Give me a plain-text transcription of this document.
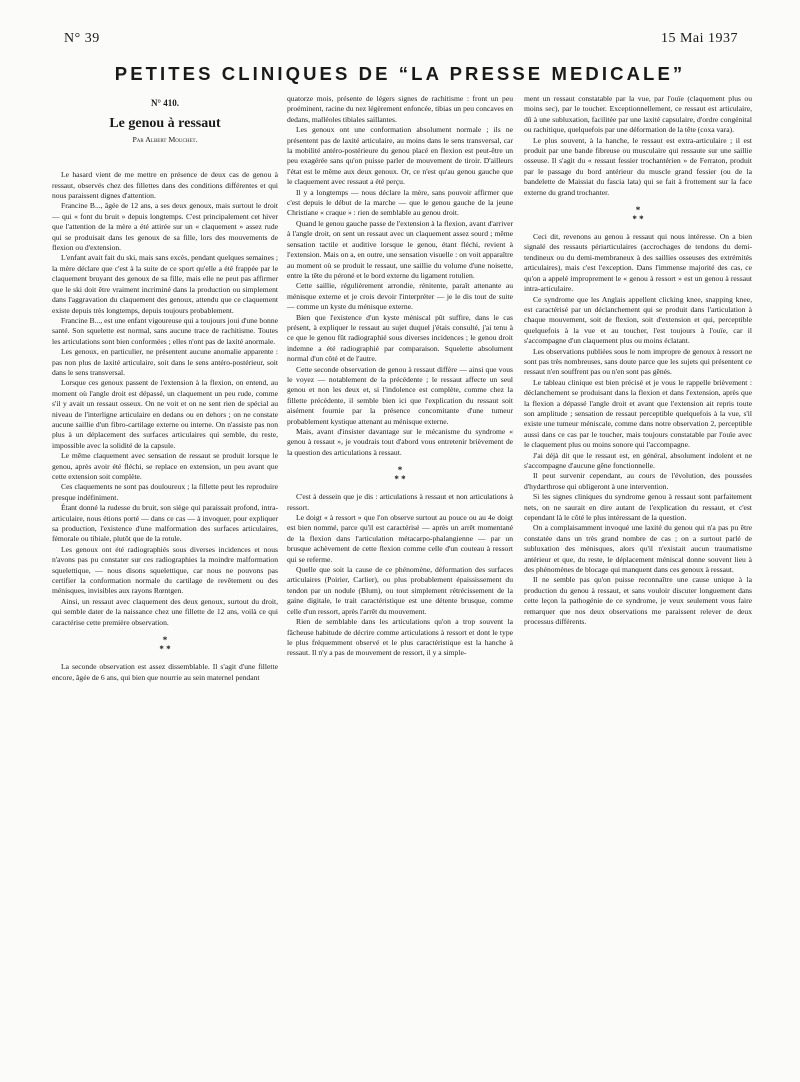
N° 39	15 Mai 1937
PETITES CLINIQUES DE “LA PRESSE MEDICALE”
N° 410.
Le genou à ressaut
Par Albert Mouchet.

Le hasard vient de me mettre en présence de deux cas de genou à ressaut, observés chez des fillettes dans des conditions différentes et qui nous paraissent dignes d'attention.

Francine B..., âgée de 12 ans, a ses deux genoux, mais surtout le droit — qui « font du bruit » depuis longtemps. C'est principalement cet hiver que l'attention de la mère a été attirée sur un « claquement » assez rude qui se produisait dans les genoux de sa fille, lors des mouvements de flexion ou d'extension.

L'enfant avait fait du ski, mais sans excès, pendant quelques semaines ; la mère déclare que c'est à la suite de ce sport qu'elle a été frappée par le claquement bruyant des genoux de sa fille, mais elle ne peut pas affirmer que le ski doit être vraiment incriminé dans la production ou simplement dans l'aggravation du claquement des genoux, attendu que ce claquement existe depuis très longtemps, depuis toujours probablement.

Francine B..., est une enfant vigoureuse qui a toujours joui d'une bonne santé. Son squelette est normal, sans aucune trace de rachitisme. Toutes les articulations sont bien conformées ; elles n'ont pas de laxité anormale.

Les genoux, en particulier, ne présentent aucune anomalie apparente : pas non plus de laxité articulaire, soit dans le sens antéro-postérieur, soit dans le sens transversal.

Lorsque ces genoux passent de l'extension à la flexion, on entend, au moment où l'angle droit est dépassé, un claquement un peu rude, comme s'il y avait un ressaut osseux. On ne voit et on ne sent rien de spécial au niveau de l'interligne articulaire en dedans ou en dehors ; on ne constate aucune saillie d'un fibro-cartilage externe ou interne. On n'assiste pas non plus à un déplacement des surfaces articulaires qui semble, du reste, impossible avec la solidité de la capsule.

Le même claquement avec sensation de ressaut se produit lorsque le genou, après avoir été fléchi, se replace en extension, un peu avant que cette extension soit complète.

Ces claquements ne sont pas douloureux ; la fillette peut les reproduire presque indéfiniment.

Étant donné la rudesse du bruit, son siège qui paraissait profond, intra-articulaire, nous étions porté — dans ce cas — à invoquer, pour expliquer sa production, l'existence d'une malformation des surfaces articulaires, fémorale ou tibiale, plutôt que de la rotule.

Les genoux ont été radiographiés sous diverses incidences et nous n'avons pas pu constater sur ces radiographies la moindre malformation squelettique, — nous disons squelettique, car nous ne pouvons pas certifier la conformation normale du cartilage de revêtement ou des ménisques, invisibles aux rayons Rœntgen.

Ainsi, un ressaut avec claquement des deux genoux, surtout du droit, qui semble dater de la naissance chez une fillette de 12 ans, voilà ce qui caractérise cette première observation.

*
* *

La seconde observation est assez dissemblable. Il s'agit d'une fillette encore, âgée de 6 ans, qui bien que nourrie au sein maternel pendant

quatorze mois, présente de légers signes de rachitisme : front un peu proéminent, racine du nez légèrement enfoncée, tibias un peu concaves en dedans, malléoles tibiales saillantes.

Les genoux ont une conformation absolument normale ; ils ne présentent pas de laxité articulaire, au moins dans le sens transversal, car la mobilité antéro-postérieure du genou placé en flexion est peut-être un peu exagérée sans qu'on puisse parler de mouvement de tiroir. D'ailleurs l'état est le même aux deux genoux. Or, ce n'est qu'au genou gauche que le claquement avec ressaut a été perçu.

Il y a longtemps — nous déclare la mère, sans pouvoir affirmer que c'est depuis le début de la marche — que le genou gauche de la jeune Christiane « craque » : rien de semblable au genou droit.

Quand le genou gauche passe de l'extension à la flexion, avant d'arriver à l'angle droit, on sent un ressaut avec un claquement assez sourd ; même sensation tactile et auditive lorsque le genou, étant fléchi, revient à l'extension. Mais on a, en outre, une sensation visuelle : on voit apparaître au moment où se produit le ressaut, une saillie du volume d'une noisette, entre la tête du péroné et le bord externe du ligament rotulien.

Cette saillie, régulièrement arrondie, rénitente, paraît attenante au ménisque externe et je crois devoir l'interpréter — je le dis tout de suite — comme un kyste du ménisque externe.

Bien que l'existence d'un kyste méniscal pût suffire, dans le cas présent, à expliquer le ressaut au sujet duquel j'étais consulté, j'ai tenu à ce que le genou fût radiographié sous diverses incidences ; le genou droit indemne a été radiographié par comparaison. Squelette absolument normal d'un côté et de l'autre.

Cette seconde observation de genou à ressaut diffère — ainsi que vous le voyez — notablement de la précédente ; le ressaut affecte un seul genou et non les deux et, si l'indolence est complète, comme chez la fillette précédente, il semble bien ici que l'explication du ressaut soit aisément fournie par la présence concomitante d'une tumeur probablement kystique attenant au ménisque externe.

Mais, avant d'insister davantage sur le mécanisme du syndrome « genou à ressaut », je voudrais tout d'abord vous entretenir brièvement de la question des articulations à ressaut.

*
* *

C'est à dessein que je dis : articulations à ressaut et non articulations à ressort.

Le doigt « à ressort » que l'on observe surtout au pouce ou au 4e doigt est bien nommé, parce qu'il est caractérisé — après un arrêt momentané de la flexion dans l'articulation métacarpo-phalangienne — par un brusque achèvement de cette flexion comme celle d'un couteau à ressort qui se referme.

Quelle que soit la cause de ce phénomène, déformation des surfaces articulaires (Poirier, Carlier), ou plus probablement épaississement du tendon par un nodule (Blum), ou tout simplement rétrécissement de la gaine digitale, le trait caractéristique est une détente brusque, comme celle d'un ressort, après l'arrêt du mouvement.

Rien de semblable dans les articulations qu'on a trop souvent la fâcheuse habitude de décrire comme articulations à ressort et dont le type le plus fréquemment observé et le plus caractéristique est la hanche à ressaut. Il n'y a pas de mouvement de ressort, il y a simple-

ment un ressaut constatable par la vue, par l'ouïe (claquement plus ou moins sec), par le toucher. Exceptionnellement, ce ressaut est articulaire, dû à une subluxation, facilitée par une laxité capsulaire, d'ordre congénital ou rachitique, quelquefois par une déformation de la tête (coxa vara).

Le plus souvent, à la hanche, le ressaut est extra-articulaire ; il est produit par une bande fibreuse ou musculaire qui ressaute sur une saillie osseuse. Il s'agit du « ressaut fessier trochantérien » de Ferraton, produit par le passage du bord antérieur du muscle grand fessier (ou de la bandelette de Maissiat du fascia lata) qui se fait à frottement sur la face externe du grand trochanter.

*
* *

Ceci dit, revenons au genou à ressaut qui nous intéresse. On a bien signalé des ressauts périarticulaires (accrochages de tendons du demi-tendineux ou du demi-membraneux à des saillies osseuses des extrémités articulaires), mais c'est l'exception. Dans l'immense majorité des cas, ce qu'on a appelé improprement le « genou à ressort » est un genou à ressaut intra-articulaire.

Ce syndrome que les Anglais appellent clicking knee, snapping knee, est caractérisé par un déclanchement qui se produit dans l'articulation à chaque mouvement, soit de flexion, soit d'extension et qui, perceptible quelquefois à la vue et au toucher, l'est toujours à l'ouïe, car il s'accompagne d'un claquement plus ou moins éclatant.

Les observations publiées sous le nom impropre de genoux à ressort ne sont pas très nombreuses, sans doute parce que les sujets qui présentent ce ressaut n'en souffrent pas ou n'en sont pas gênés.

Le tableau clinique est bien précisé et je vous le rappelle brièvement : déclanchement se produisant dans la flexion et dans l'extension, après que la flexion a dépassé l'angle droit et avant que l'extension ait repris toute son amplitude ; sensation de ressaut perceptible quelquefois à la vue, s'il existe une tumeur méniscale, comme dans notre observation 2, perceptible aussi dans ce cas par le toucher, mais toujours constatable par l'ouïe avec le claquement plus ou moins sonore qui l'accompagne.

J'ai déjà dit que le ressaut est, en général, absolument indolent et ne s'accompagne d'aucune gêne fonctionnelle.

Il peut survenir cependant, au cours de l'évolution, des poussées d'hydarthrose qui obligeront à une intervention.

Si les signes cliniques du syndrome genou à ressaut sont parfaitement nets, on ne saurait en dire autant de l'explication du ressaut, et c'est cependant là le côté le plus intéressant de la question.

On a complaisamment invoqué une laxité du genou qui n'a pas pu être constatée dans un très grand nombre de cas ; on a surtout parlé de subluxation des ménisques, alors qu'il n'existait aucun traumatisme antérieur et que, du reste, le déplacement méniscal donne souvent lieu à des phénomènes de blocage qui manquent dans ces genoux à ressaut.

Il ne semble pas qu'on puisse reconnaître une cause unique à la production du genou à ressaut, et sans vouloir discuter longuement dans cette leçon la pathogénie de ce syndrome, je veux seulement vous faire remarquer que nos deux observations me paraissent relever de deux processus différents.
